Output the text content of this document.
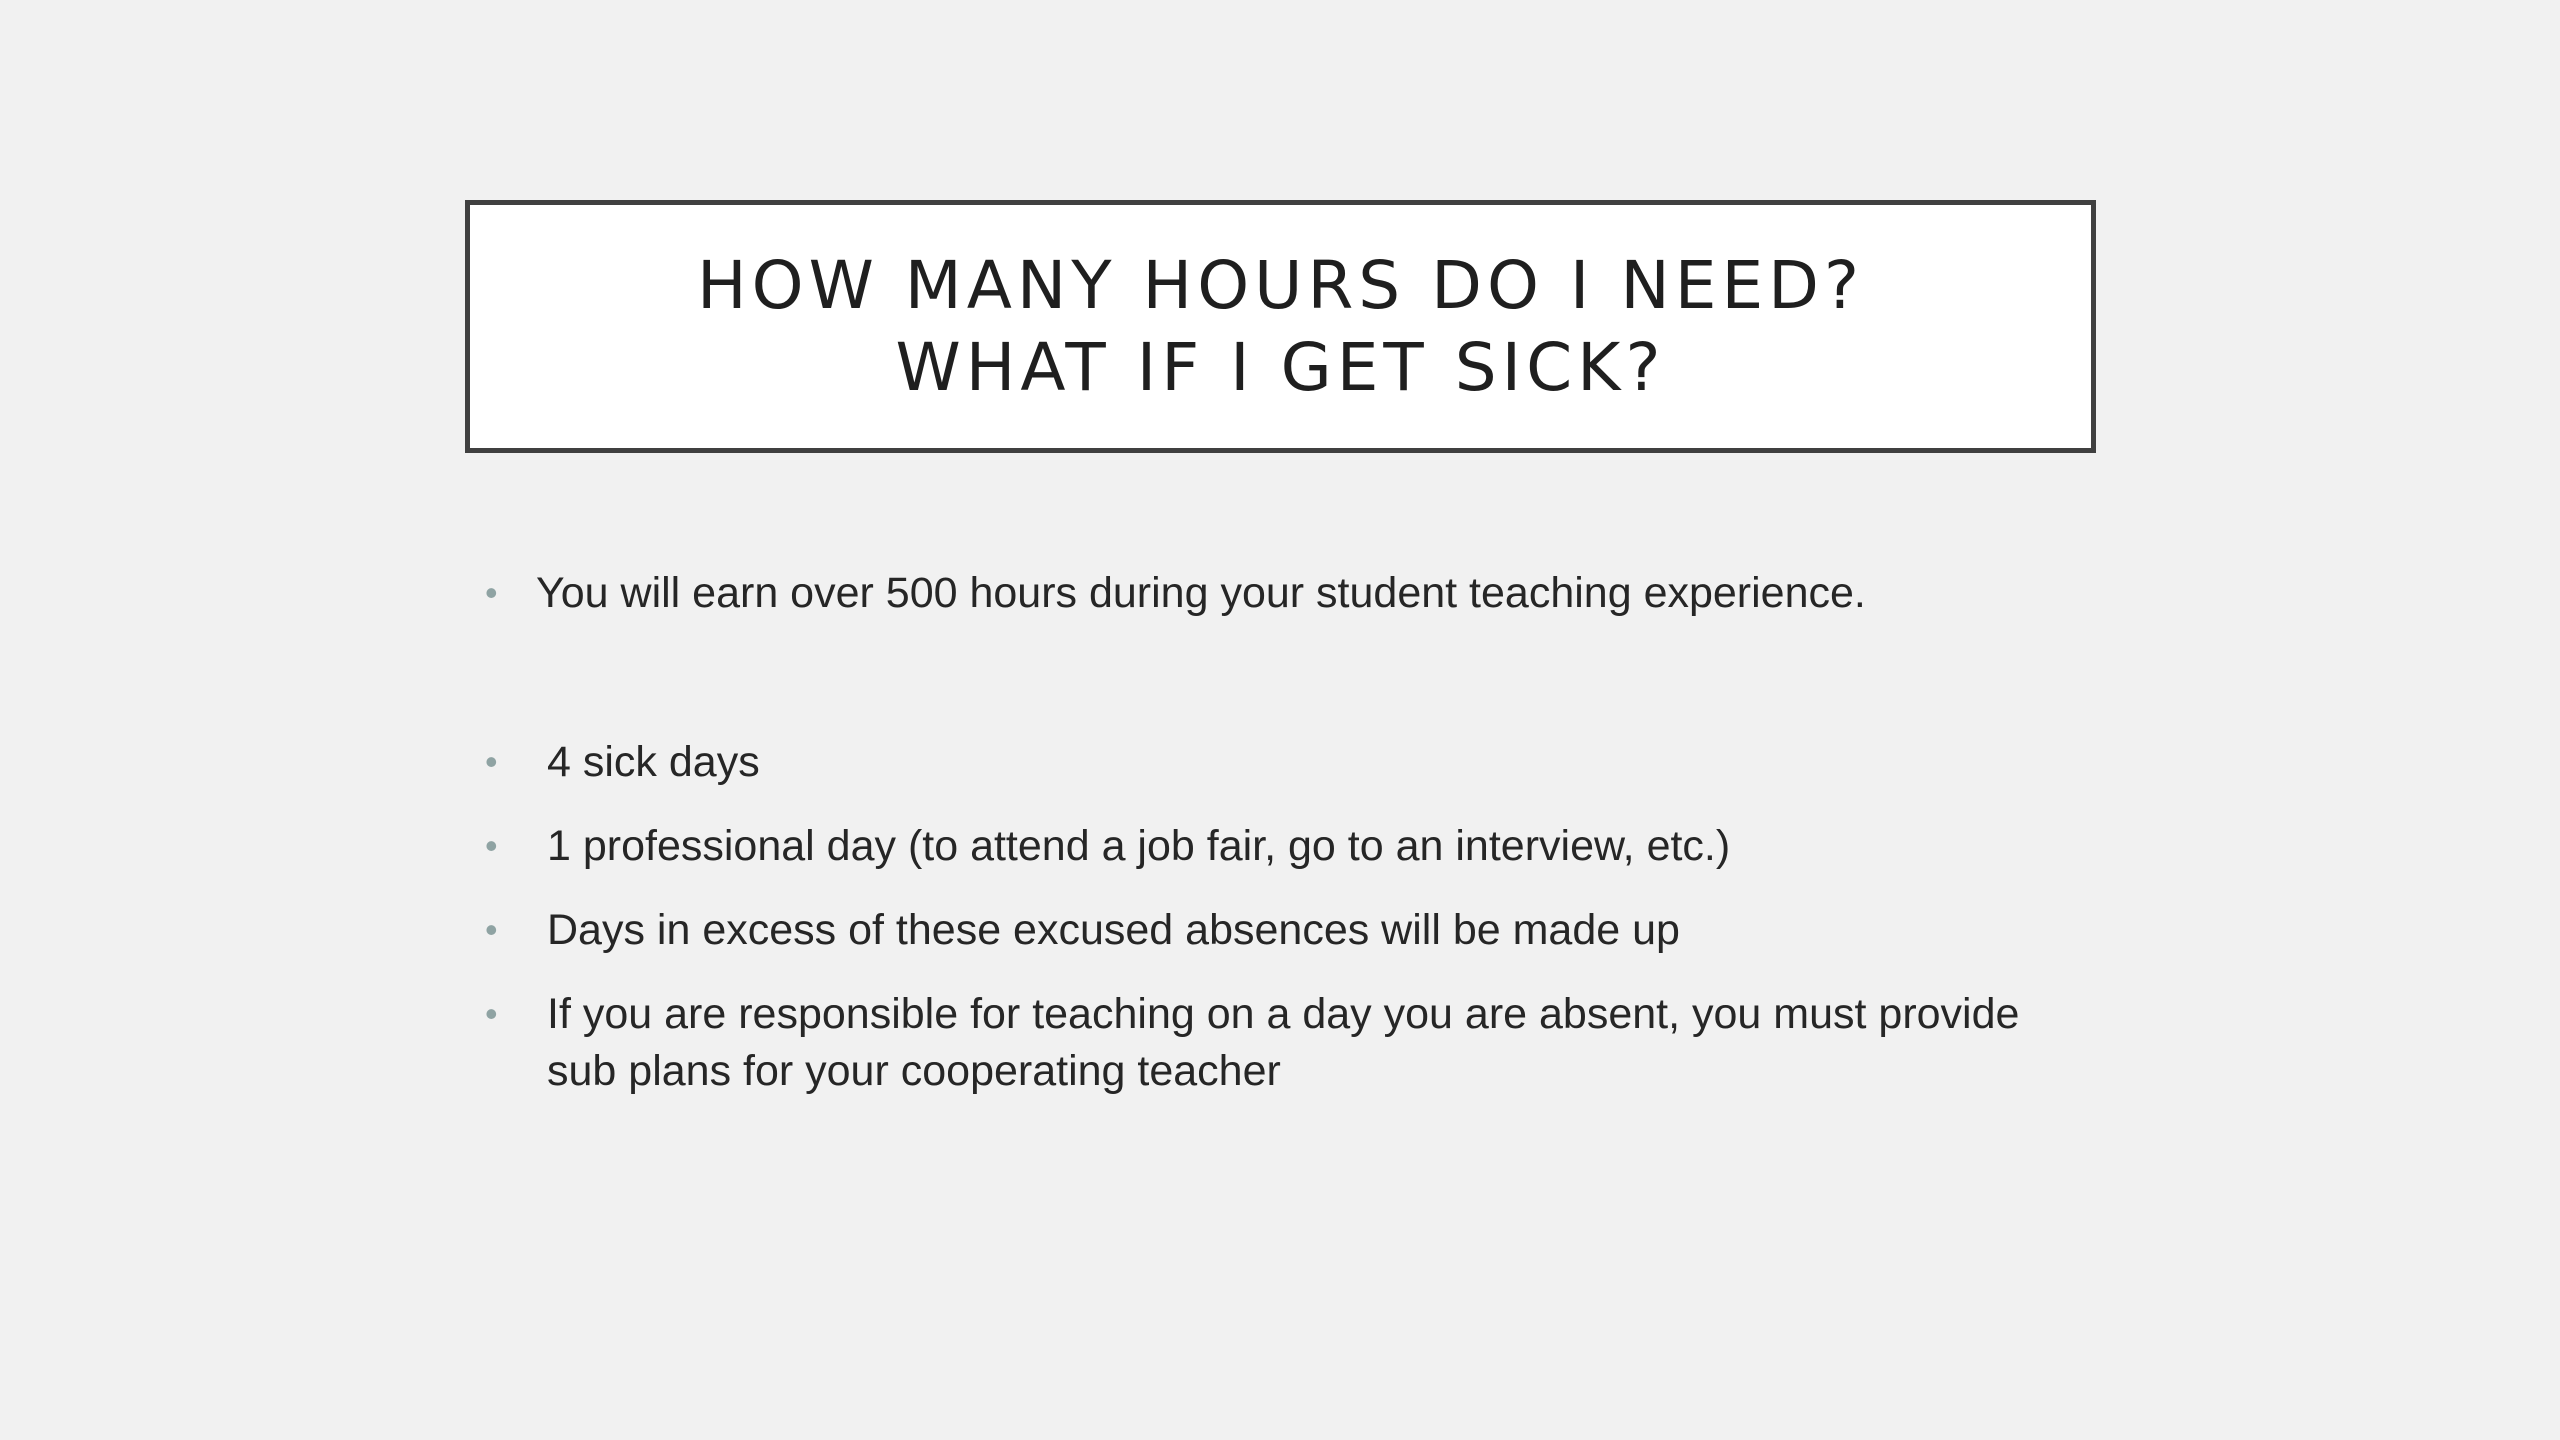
HOW MANY HOURS DO I NEED?
WHAT IF I GET SICK?
• You will earn over 500 hours during your student teaching experience.
• 4 sick days
• 1 professional day (to attend a job fair, go to an interview, etc.)
• Days in excess of these excused absences will be made up
• If you are responsible for teaching on a day you are absent, you must provide sub plans for your cooperating teacher
